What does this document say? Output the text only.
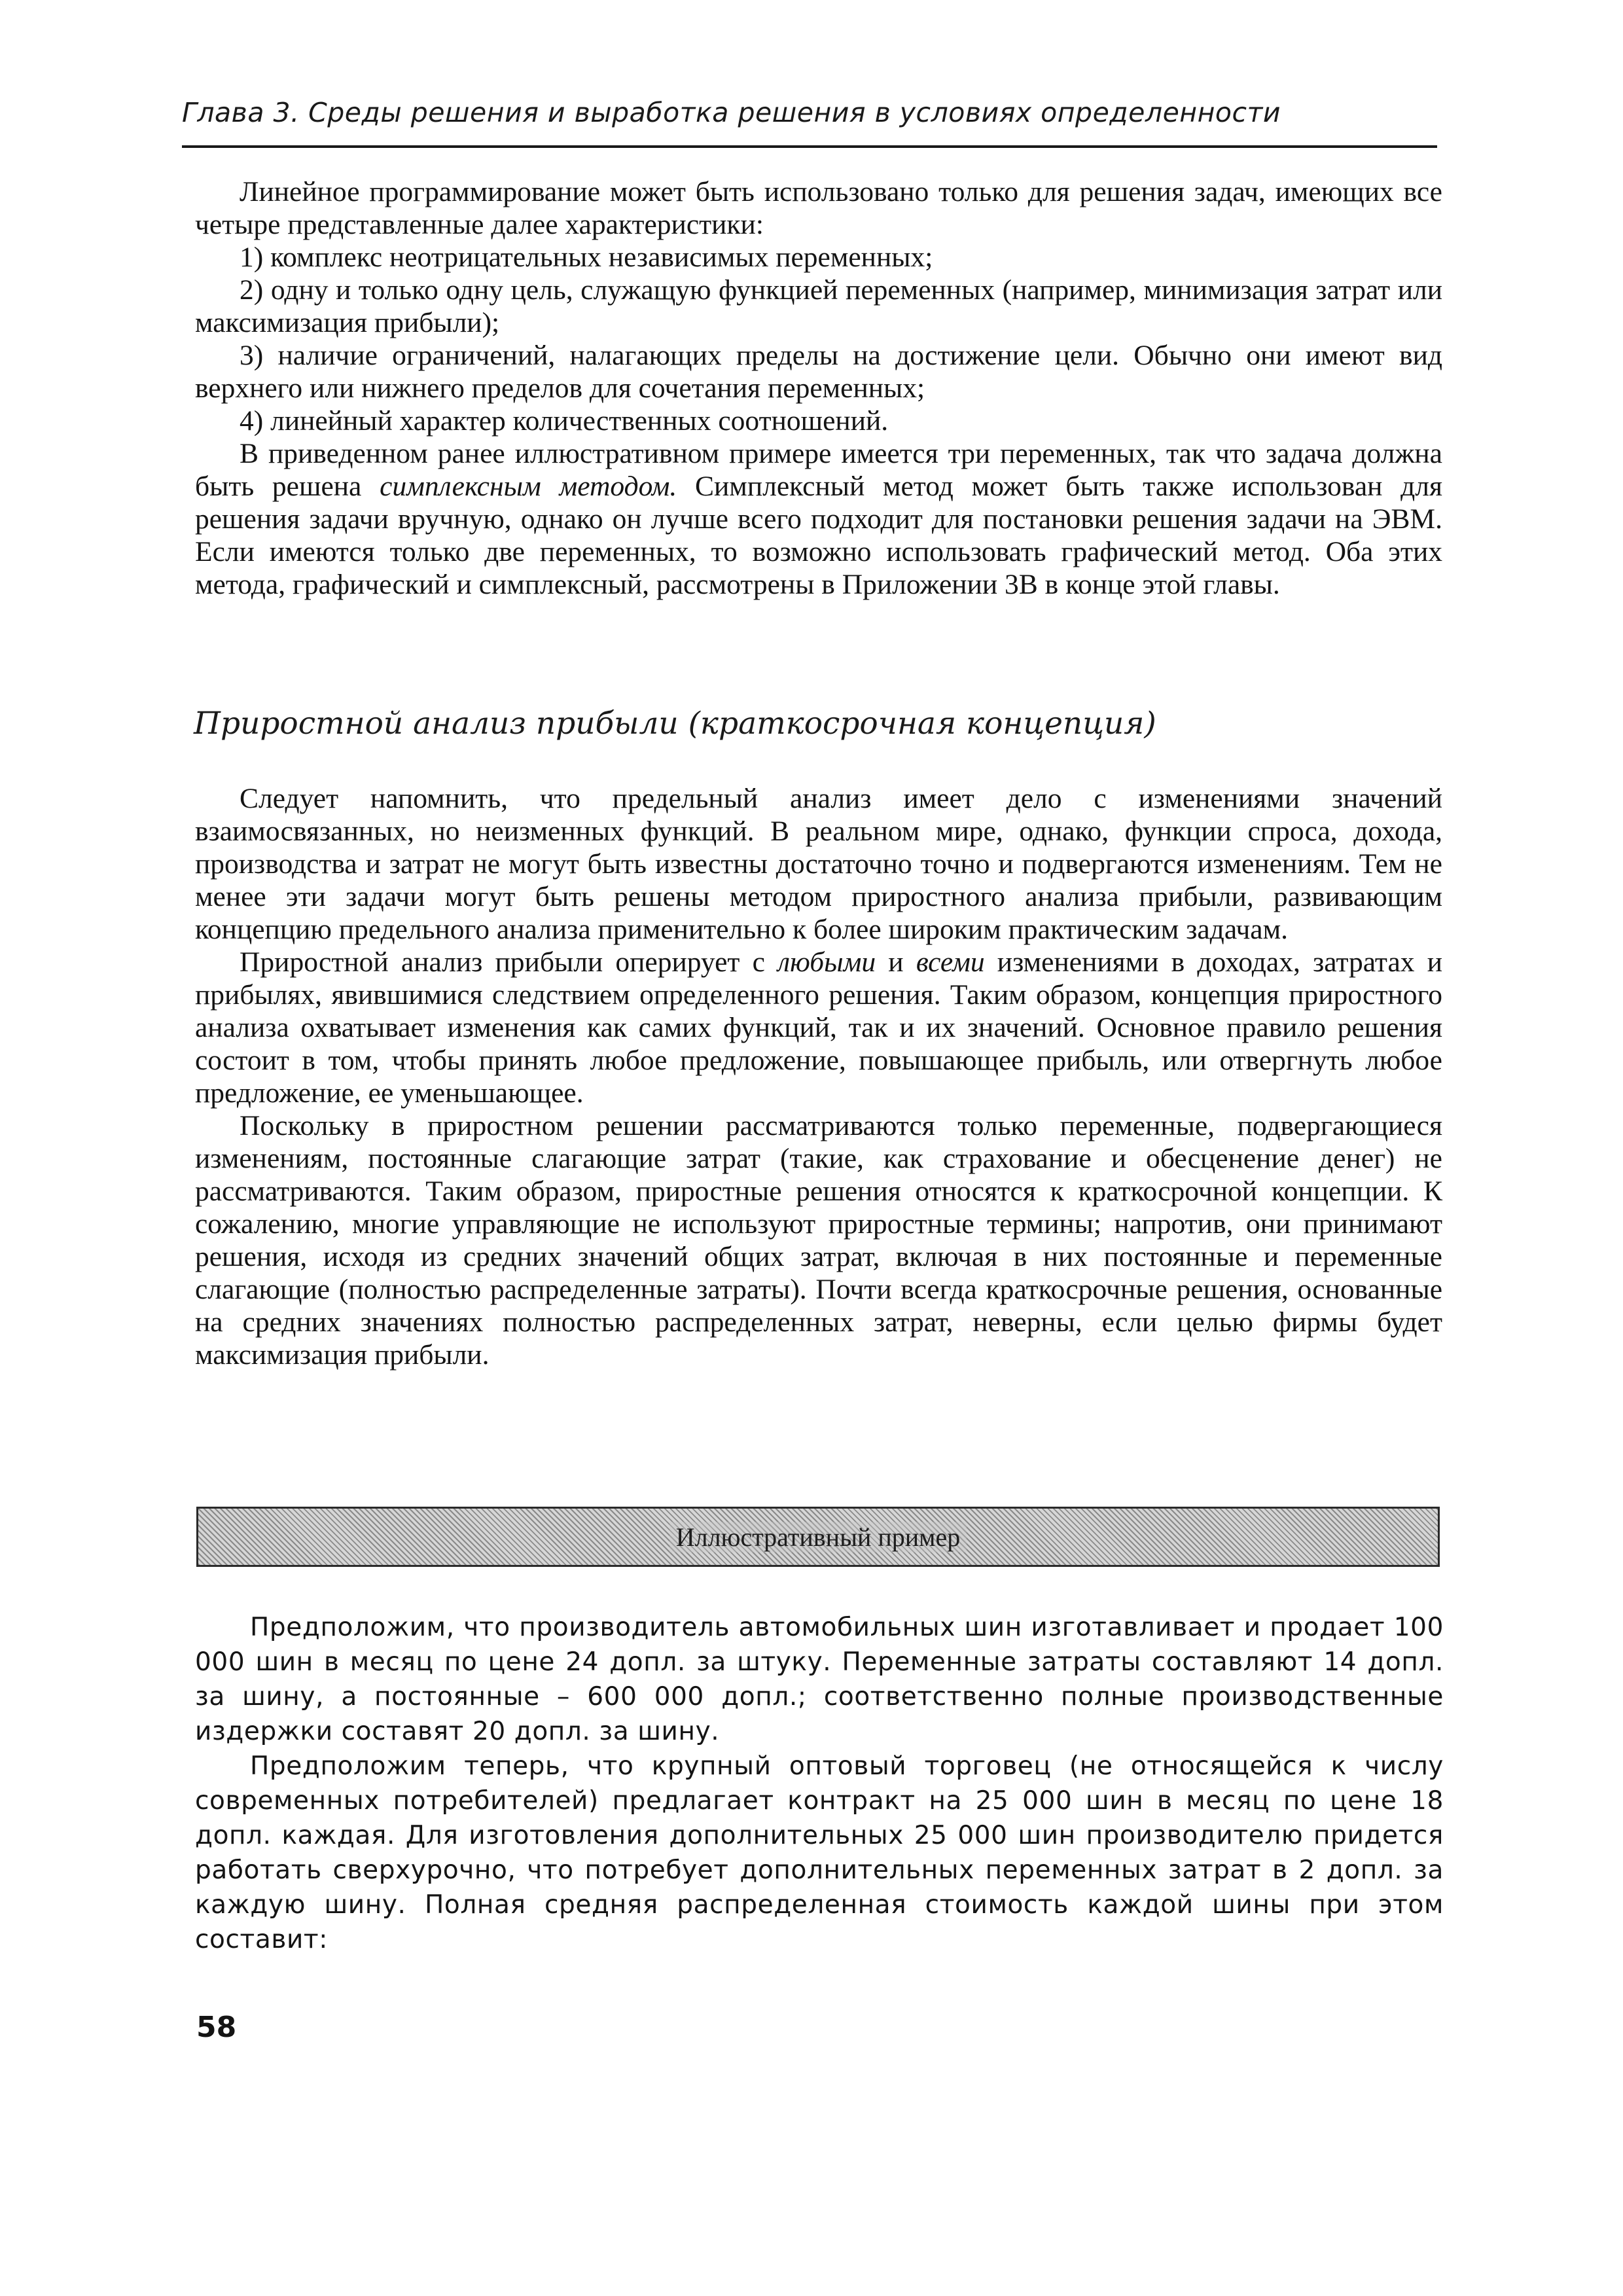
Глава 3. Среды решения и выработка решения в условиях определенности

Линейное программирование может быть использовано только для решения задач, имеющих все четыре представленные далее характеристики:

1) комплекс неотрицательных независимых переменных;

2) одну и только одну цель, служащую функцией переменных (например, минимизация затрат или максимизация прибыли);

3) наличие ограничений, налагающих пределы на достижение цели. Обычно они имеют вид верхнего или нижнего пределов для сочетания переменных;

4) линейный характер количественных соотношений.

В приведенном ранее иллюстративном примере имеется три переменных, так что задача должна быть решена симплексным методом. Симплексный метод может быть также использован для решения задачи вручную, однако он лучше всего подходит для постановки решения задачи на ЭВМ. Если имеются только две переменных, то возможно использовать графический метод. Оба этих метода, графический и симплексный, рассмотрены в Приложении 3В в конце этой главы.

Приростной анализ прибыли (краткосрочная концепция)

Следует напомнить, что предельный анализ имеет дело с изменениями значений взаимосвязанных, но неизменных функций. В реальном мире, однако, функции спроса, дохода, производства и затрат не могут быть известны достаточно точно и подвергаются изменениям. Тем не менее эти задачи могут быть решены методом приростного анализа прибыли, развивающим концепцию предельного анализа применительно к более широким практическим задачам.

Приростной анализ прибыли оперирует с любыми и всеми изменениями в доходах, затратах и прибылях, явившимися следствием определенного решения. Таким образом, концепция приростного анализа охватывает изменения как самих функций, так и их значений. Основное правило решения состоит в том, чтобы принять любое предложение, повышающее прибыль, или отвергнуть любое предложение, ее уменьшающее.

Поскольку в приростном решении рассматриваются только переменные, подвергающиеся изменениям, постоянные слагающие затрат (такие, как страхование и обесценение денег) не рассматриваются. Таким образом, приростные решения относятся к краткосрочной концепции. К сожалению, многие управляющие не используют приростные термины; напротив, они принимают решения, исходя из средних значений общих затрат, включая в них постоянные и переменные слагающие (полностью распределенные затраты). Почти всегда краткосрочные решения, основанные на средних значениях полностью распределенных затрат, неверны, если целью фирмы будет максимизация прибыли.

Иллюстративный пример

Предположим, что производитель автомобильных шин изготавливает и продает 100 000 шин в месяц по цене 24 допл. за штуку. Переменные затраты составляют 14 допл. за шину, а постоянные – 600 000 допл.; соответственно полные производственные издержки составят 20 допл. за шину.

Предположим теперь, что крупный оптовый торговец (не относящейся к числу современных потребителей) предлагает контракт на 25 000 шин в месяц по цене 18 допл. каждая. Для изготовления дополнительных 25 000 шин производителю придется работать сверхурочно, что потребует дополнительных переменных затрат в 2 допл. за каждую шину. Полная средняя распределенная стоимость каждой шины при этом составит:

58
